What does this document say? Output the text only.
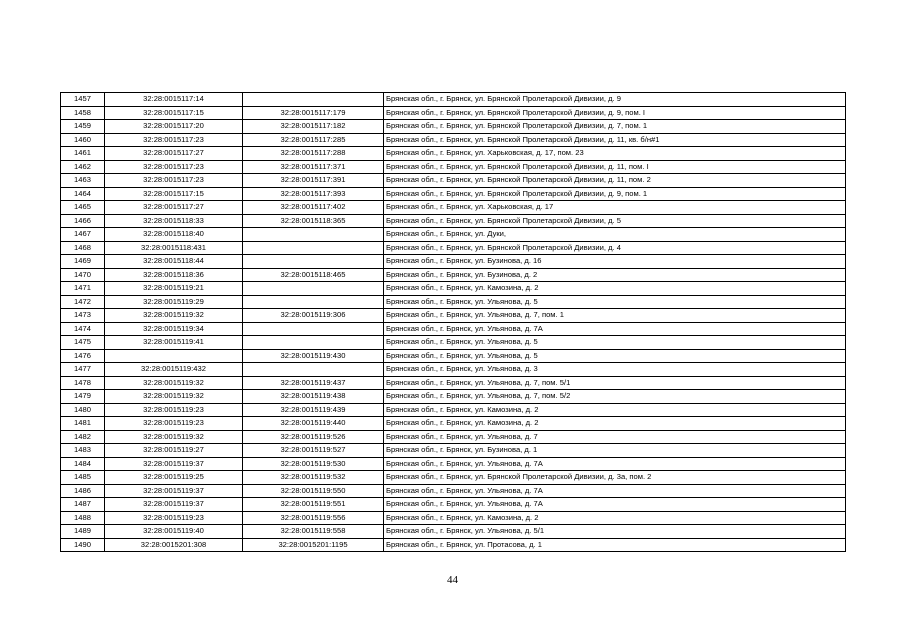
1457	32:28:0015117:14		Брянская обл., г. Брянск, ул. Брянской Пролетарской Дивизии, д. 9
1458	32:28:0015117:15	32:28:0015117:179	Брянская обл., г. Брянск, ул. Брянской Пролетарской Дивизии, д. 9, пом. I
1459	32:28:0015117:20	32:28:0015117:182	Брянская обл., г. Брянск, ул. Брянской Пролетарской Дивизии, д. 7, пом. 1
1460	32:28:0015117:23	32:28:0015117:285	Брянская обл., г. Брянск, ул. Брянской Пролетарской Дивизии, д. 11, кв. б/н#1
1461	32:28:0015117:27	32:28:0015117:288	Брянская обл., г. Брянск, ул. Харьковская, д. 17, пом. 23
1462	32:28:0015117:23	32:28:0015117:371	Брянская обл., г. Брянск, ул. Брянской Пролетарской Дивизии, д. 11, пом. I
1463	32:28:0015117:23	32:28:0015117:391	Брянская обл., г. Брянск, ул. Брянской Пролетарской Дивизии, д. 11, пом. 2
1464	32:28:0015117:15	32:28:0015117:393	Брянская обл., г. Брянск, ул. Брянской Пролетарской Дивизии, д. 9, пом. 1
1465	32:28:0015117:27	32:28:0015117:402	Брянская обл., г. Брянск, ул. Харьковская, д. 17
1466	32:28:0015118:33	32:28:0015118:365	Брянская обл., г. Брянск, ул. Брянской Пролетарской Дивизии, д. 5
1467	32:28:0015118:40		Брянская обл., г. Брянск, ул. Дуки,
1468	32:28:0015118:431		Брянская обл., г. Брянск, ул. Брянской Пролетарской Дивизии, д. 4
1469	32:28:0015118:44		Брянская обл., г. Брянск, ул. Бузинова, д. 16
1470	32:28:0015118:36	32:28:0015118:465	Брянская обл., г. Брянск, ул. Бузинова, д. 2
1471	32:28:0015119:21		Брянская обл., г. Брянск, ул. Камозина, д. 2
1472	32:28:0015119:29		Брянская обл., г. Брянск, ул. Ульянова, д. 5
1473	32:28:0015119:32	32:28:0015119:306	Брянская обл., г. Брянск, ул. Ульянова, д. 7, пом. 1
1474	32:28:0015119:34		Брянская обл., г. Брянск, ул. Ульянова, д. 7А
1475	32:28:0015119:41		Брянская обл., г. Брянск, ул. Ульянова, д. 5
1476		32:28:0015119:430	Брянская обл., г. Брянск, ул. Ульянова, д. 5
1477	32:28:0015119:432		Брянская обл., г. Брянск, ул. Ульянова, д. 3
1478	32:28:0015119:32	32:28:0015119:437	Брянская обл., г. Брянск, ул. Ульянова, д. 7, пом. 5/1
1479	32:28:0015119:32	32:28:0015119:438	Брянская обл., г. Брянск, ул. Ульянова, д. 7, пом. 5/2
1480	32:28:0015119:23	32:28:0015119:439	Брянская обл., г. Брянск, ул. Камозина, д. 2
1481	32:28:0015119:23	32:28:0015119:440	Брянская обл., г. Брянск, ул. Камозина, д. 2
1482	32:28:0015119:32	32:28:0015119:526	Брянская обл., г. Брянск, ул. Ульянова, д. 7
1483	32:28:0015119:27	32:28:0015119:527	Брянская обл., г. Брянск, ул. Бузинова, д. 1
1484	32:28:0015119:37	32:28:0015119:530	Брянская обл., г. Брянск, ул. Ульянова, д. 7А
1485	32:28:0015119:25	32:28:0015119:532	Брянская обл., г. Брянск, ул. Брянской Пролетарской Дивизии, д. 3а, пом. 2
1486	32:28:0015119:37	32:28:0015119:550	Брянская обл., г. Брянск, ул. Ульянова, д. 7А
1487	32:28:0015119:37	32:28:0015119:551	Брянская обл., г. Брянск, ул. Ульянова, д. 7А
1488	32:28:0015119:23	32:28:0015119:556	Брянская обл., г. Брянск, ул. Камозина, д. 2
1489	32:28:0015119:40	32:28:0015119:558	Брянская обл., г. Брянск, ул. Ульянова, д. 5/1
1490	32:28:0015201:308	32:28:0015201:1195	Брянская обл., г. Брянск, ул. Протасова, д. 1
44
